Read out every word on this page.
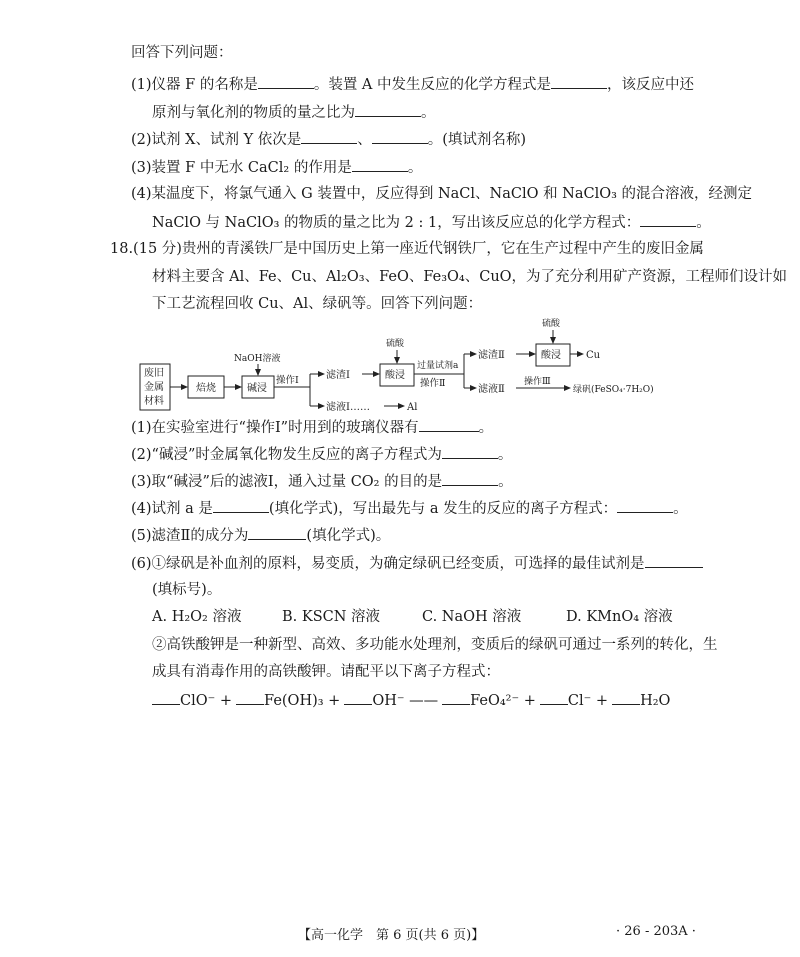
回答下列问题：
(1)仪器 F 的名称是	。装置 A 中发生反应的化学方程式是	，该反应中还
原剂与氧化剂的物质的量之比为	。
(2)试剂 X、试剂 Y 依次是	、	。(填试剂名称)
(3)装置 F 中无水 CaCl₂ 的作用是	。
(4)某温度下，将氯气通入 G 装置中，反应得到 NaCl、NaClO 和 NaClO₃ 的混合溶液，经测定
NaClO 与 NaClO₃ 的物质的量之比为 2 : 1，写出该反应总的化学方程式：	。
18.(15 分)贵州的青溪铁厂是中国历史上第一座近代钢铁厂，它在生产过程中产生的废旧金属
材料主要含 Al、Fe、Cu、Al₂O₃、FeO、Fe₃O₄、CuO，为了充分利用矿产资源，工程师们设计如
下工艺流程回收 Cu、Al、绿矾等。回答下列问题：
废旧
金属
材料
焙烧	碱浸
NaOH溶液
操作Ⅰ	滤渣Ⅰ
硫酸
酸浸
过量试剂a
操作Ⅱ
滤渣Ⅱ
硫酸
酸浸	Cu
滤液Ⅱ
操作Ⅲ
绿矾(FeSO₄·7H₂O)
滤液Ⅰ……	Al
(1)在实验室进行“操作Ⅰ”时用到的玻璃仪器有	。
(2)“碱浸”时金属氧化物发生反应的离子方程式为	。
(3)取“碱浸”后的滤液Ⅰ，通入过量 CO₂ 的目的是	。
(4)试剂 a 是	(填化学式)，写出最先与 a 发生的反应的离子方程式：	。
(5)滤渣Ⅱ的成分为	(填化学式)。
(6)①绿矾是补血剂的原料，易变质，为确定绿矾已经变质，可选择的最佳试剂是
(填标号)。
A. H₂O₂ 溶液	B. KSCN 溶液	C. NaOH 溶液	D. KMnO₄ 溶液
②高铁酸钾是一种新型、高效、多功能水处理剂，变质后的绿矾可通过一系列的转化，生
成具有消毒作用的高铁酸钾。请配平以下离子方程式：
ClO⁻ + Fe(OH)₃ + OH⁻ —— FeO₄²⁻ + Cl⁻ + H₂O
【高一化学　第 6 页(共 6 页)】	· 26 - 203A ·
